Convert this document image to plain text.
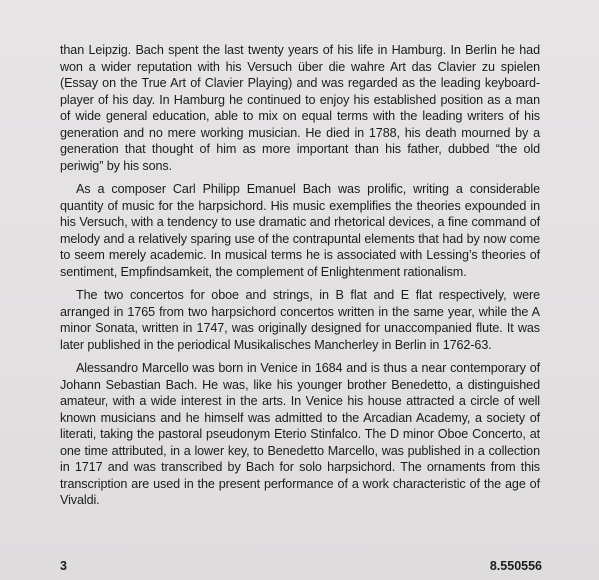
than Leipzig. Bach spent the last twenty years of his life in Hamburg. In Berlin he had won a wider reputation with his Versuch über die wahre Art das Clavier zu spielen (Essay on the True Art of Clavier Playing) and was regarded as the leading keyboard-player of his day. In Hamburg he continued to enjoy his established position as a man of wide general education, able to mix on equal terms with the leading writers of his generation and no mere working musician. He died in 1788, his death mourned by a generation that thought of him as more important than his father, dubbed “the old periwig” by his sons.

As a composer Carl Philipp Emanuel Bach was prolific, writing a considerable quantity of music for the harpsichord. His music exemplifies the theories expounded in his Versuch, with a tendency to use dramatic and rhetorical devices, a fine command of melody and a relatively sparing use of the contrapuntal elements that had by now come to seem merely academic. In musical terms he is associated with Lessing’s theories of sentiment, Empfindsamkeit, the complement of Enlightenment rationalism.

The two concertos for oboe and strings, in B flat and E flat respectively, were arranged in 1765 from two harpsichord concertos written in the same year, while the A minor Sonata, written in 1747, was originally designed for unaccompanied flute. It was later published in the periodical Musikalisches Mancherley in Berlin in 1762-63.

Alessandro Marcello was born in Venice in 1684 and is thus a near contemporary of Johann Sebastian Bach. He was, like his younger brother Benedetto, a distinguished amateur, with a wide interest in the arts. In Venice his house attracted a circle of well known musicians and he himself was admitted to the Arcadian Academy, a society of literati, taking the pastoral pseudonym Eterio Stinfalco. The D minor Oboe Concerto, at one time attributed, in a lower key, to Benedetto Marcello, was published in a collection in 1717 and was transcribed by Bach for solo harpsichord. The ornaments from this transcription are used in the present performance of a work characteristic of the age of Vivaldi.

3	8.550556
